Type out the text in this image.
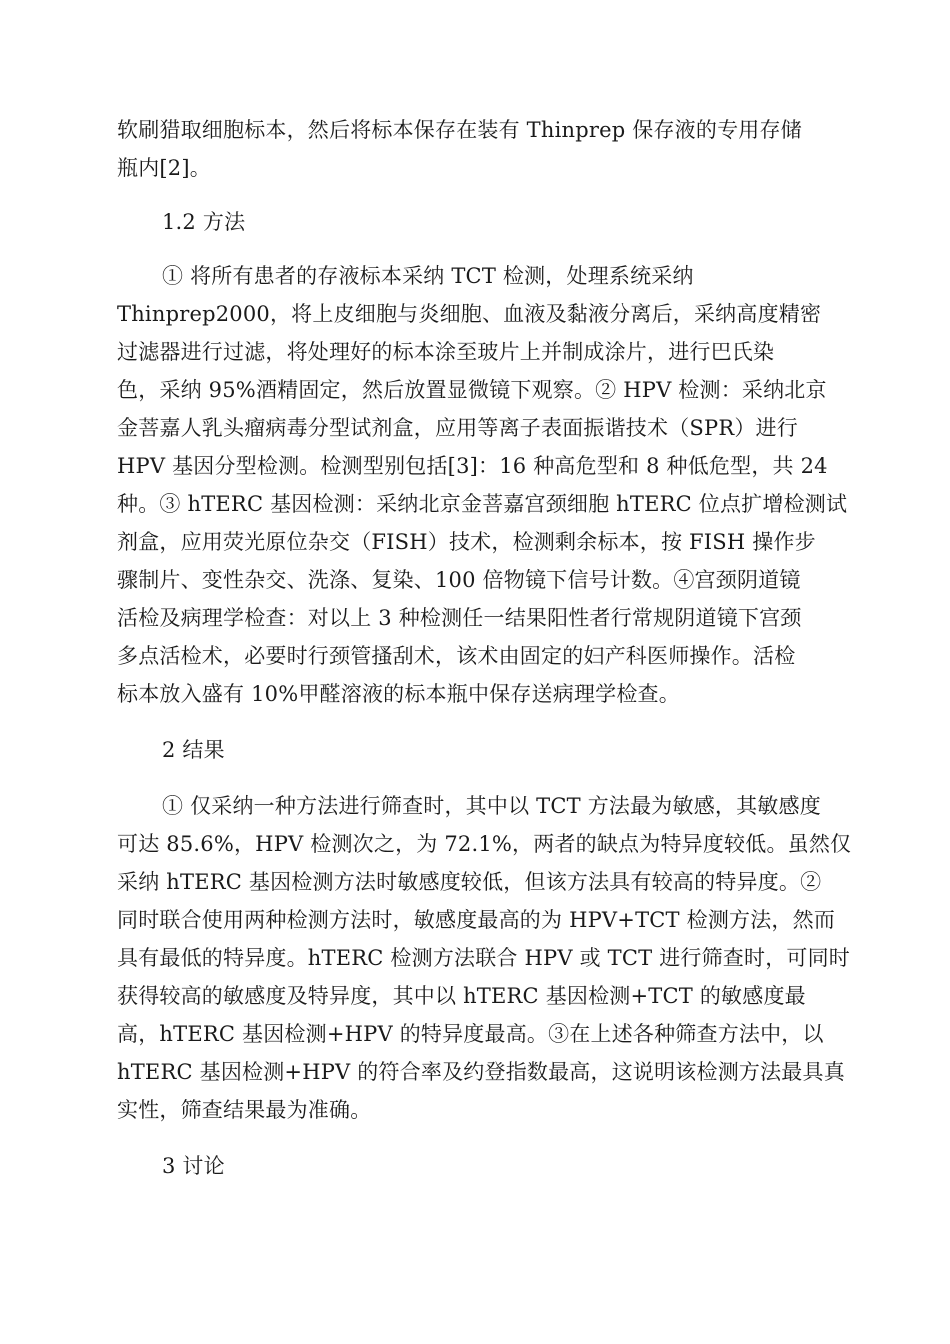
软刷猎取细胞标本，然后将标本保存在装有 Thinprep 保存液的专用存储
瓶内[2]。
1.2 方法
① 将所有患者的存液标本采纳 TCT 检测，处理系统采纳
Thinprep2000，将上皮细胞与炎细胞、血液及黏液分离后，采纳高度精密
过滤器进行过滤，将处理好的标本涂至玻片上并制成涂片，进行巴氏染
色，采纳 95%酒精固定，然后放置显微镜下观察。② HPV 检测：采纳北京
金菩嘉人乳头瘤病毒分型试剂盒，应用等离子表面振谐技术（SPR）进行
HPV 基因分型检测。检测型别包括[3]：16 种高危型和 8 种低危型，共 24
种。③ hTERC 基因检测：采纳北京金菩嘉宫颈细胞 hTERC 位点扩增检测试
剂盒，应用荧光原位杂交（FISH）技术，检测剩余标本，按 FISH 操作步
骤制片、变性杂交、洗涤、复染、100 倍物镜下信号计数。④宫颈阴道镜
活检及病理学检查：对以上 3 种检测任一结果阳性者行常规阴道镜下宫颈
多点活检术，必要时行颈管搔刮术，该术由固定的妇产科医师操作。活检
标本放入盛有 10%甲醛溶液的标本瓶中保存送病理学检查。
2 结果
① 仅采纳一种方法进行筛查时，其中以 TCT 方法最为敏感，其敏感度
可达 85.6%，HPV 检测次之，为 72.1%，两者的缺点为特异度较低。虽然仅
采纳 hTERC 基因检测方法时敏感度较低，但该方法具有较高的特异度。②
同时联合使用两种检测方法时，敏感度最高的为 HPV+TCT 检测方法，然而
具有最低的特异度。hTERC 检测方法联合 HPV 或 TCT 进行筛查时，可同时
获得较高的敏感度及特异度，其中以 hTERC 基因检测+TCT 的敏感度最
高，hTERC 基因检测+HPV 的特异度最高。③在上述各种筛查方法中，以
hTERC 基因检测+HPV 的符合率及约登指数最高，这说明该检测方法最具真
实性，筛查结果最为准确。
3 讨论
